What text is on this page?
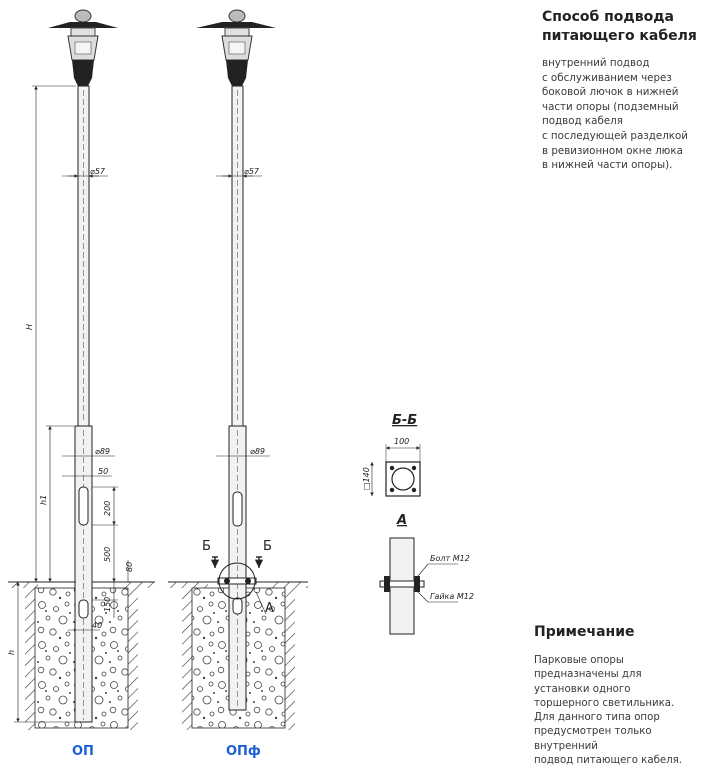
⌀57	⌀57
⌀89	⌀89
50
40
H
h1
h
200
500
80
150
100
□140
Б-Б
А
Болт М12
Гайка М12
Б	Б
А
Способ подвода
питающего кабеля

внутренний подвод
с обслуживанием через
боковой лючок в нижней
части опоры (подземный
подвод кабеля
с последующей разделкой
в ревизионном окне люка
в нижней части опоры).

Примечание

Парковые опоры
предназначены для
установки одного
торшерного светильника.
Для данного типа опор
предусмотрен только внутренний
подвод питающего кабеля.

ОП	ОПф
